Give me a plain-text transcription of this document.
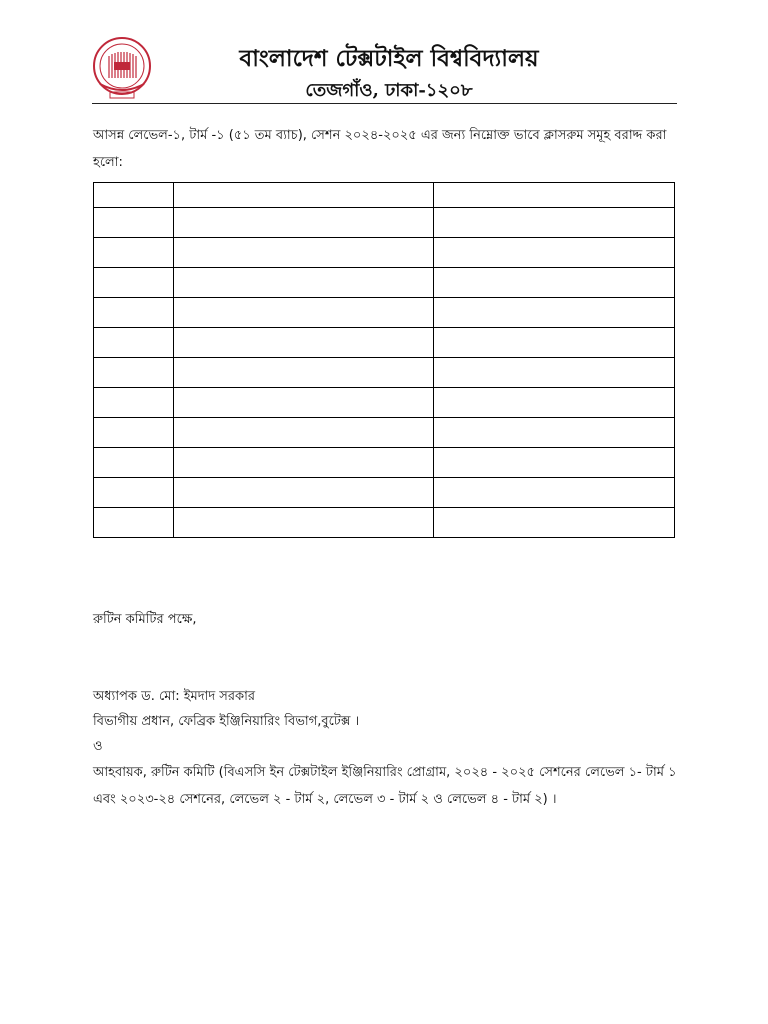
বাংলাদেশ টেক্সটাইল বিশ্ববিদ্যালয়
তেজগাঁও, ঢাকা-১২০৮
আসন্ন লেভেল-১, টার্ম -১ (৫১ তম ব্যাচ), সেশন ২০২৪-২০২৫ এর জন্য নিম্নোক্ত ভাবে ক্লাসরুম সমূহ বরাদ্দ করা হলো:

রুটিন কমিটির পক্ষে,
অধ্যাপক ড. মো: ইমদাদ সরকার
বিভাগীয় প্রধান, ফেব্রিক ইঞ্জিনিয়ারিং বিভাগ,বুটেক্স ।
ও
আহবায়ক, রুটিন কমিটি (বিএসসি ইন টেক্সটাইল ইঞ্জিনিয়ারিং প্রোগ্রাম, ২০২৪ - ২০২৫ সেশনের লেভেল ১- টার্ম ১ এবং ২০২৩-২৪ সেশনের, লেভেল ২ - টার্ম ২, লেভেল ৩ - টার্ম ২ ও লেভেল ৪ - টার্ম ২) ।
